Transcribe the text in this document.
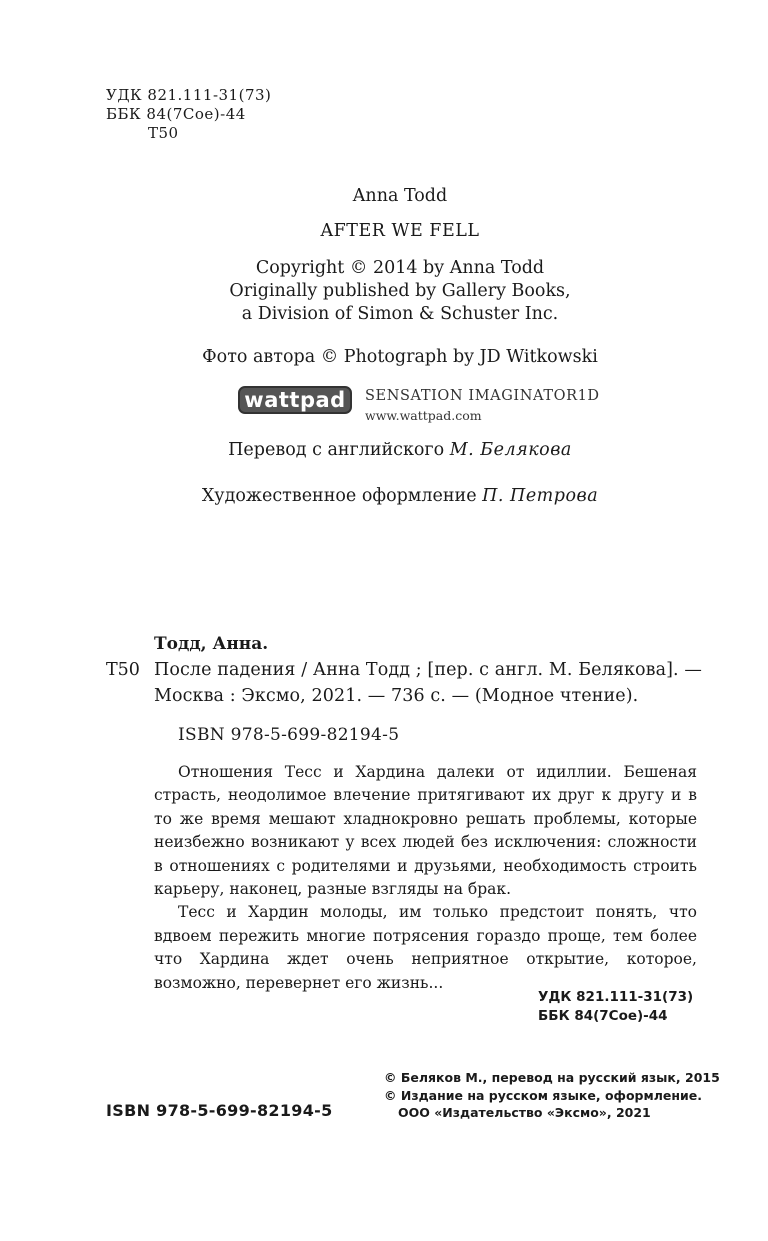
УДК 821.111-31(73)
ББК 84(7Сое)-44
Т50
Anna Todd
AFTER WE FELL
Copyright © 2014 by Anna Todd
Originally published by Gallery Books,
a Division of Simon & Schuster Inc.
Фото автора © Photograph by JD Witkowski
wattpad	SENSATION IMAGINATOR1D
www.wattpad.com
Перевод с английского М. Белякова
Художественное оформление П. Петрова
Тодд, Анна.
Т50 После падения / Анна Тодд ; [пер. с англ. М. Белякова]. —
Москва : Эксмо, 2021. — 736 с. — (Модное чтение).
ISBN 978-5-699-82194-5

Отношения Тесс и Хардина далеки от идиллии. Бешеная страсть, неодолимое влечение притягивают их друг к другу и в то же время мешают хладнокровно решать проблемы, которые неизбежно возникают у всех людей без исключения: сложности в отношениях с родителями и друзьями, необходимость строить карьеру, наконец, разные взгляды на брак.

Тесс и Хардин молоды, им только предстоит понять, что вдвоем пережить многие потрясения гораздо проще, тем более что Хардина ждет очень неприятное открытие, которое, возможно, перевернет его жизнь...

УДК 821.111-31(73)
ББК 84(7Сое)-44
© Беляков М., перевод на русский язык, 2015
© Издание на русском языке, оформление.
ООО «Издательство «Эксмо», 2021
ISBN 978-5-699-82194-5
